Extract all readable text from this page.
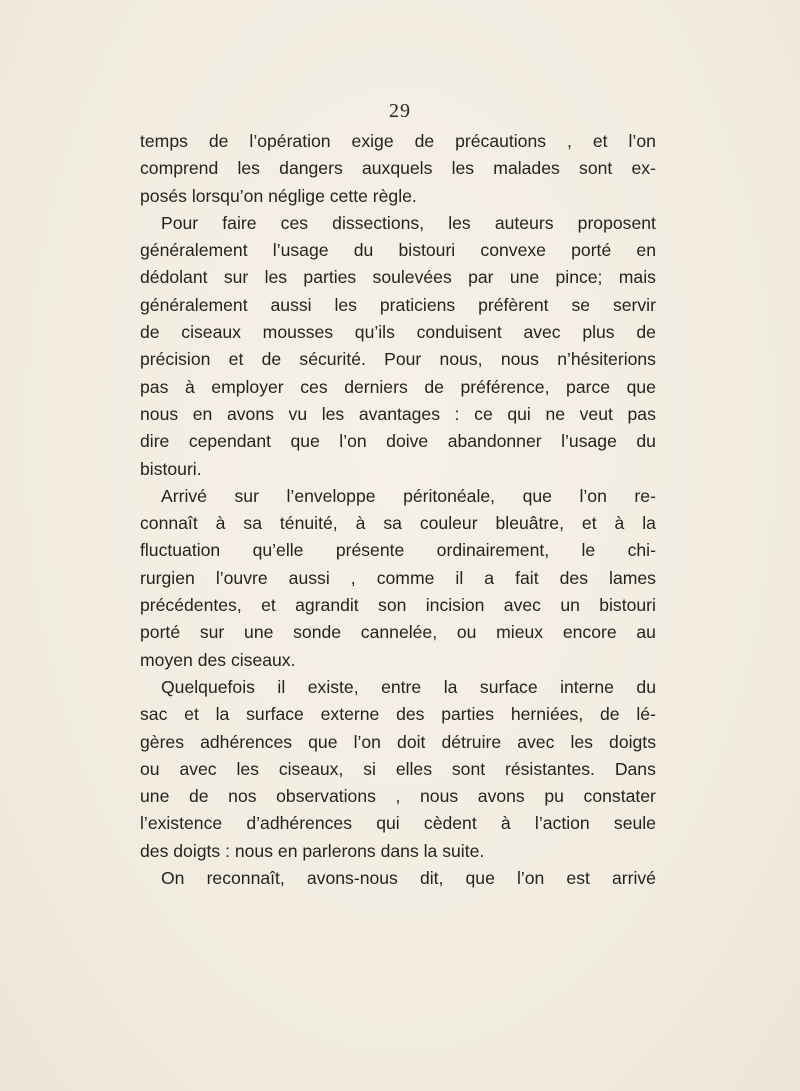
29
temps de l’opération exige de précautions , et l’on
comprend les dangers auxquels les malades sont ex-
posés lorsqu’on néglige cette règle.
Pour faire ces dissections, les auteurs proposent
généralement l’usage du bistouri convexe porté en
dédolant sur les parties soulevées par une pince; mais
généralement aussi les praticiens préfèrent se servir
de ciseaux mousses qu’ils conduisent avec plus de
précision et de sécurité. Pour nous, nous n’hésiterions
pas à employer ces derniers de préférence, parce que
nous en avons vu les avantages : ce qui ne veut pas
dire cependant que l’on doive abandonner l’usage du
bistouri.
Arrivé sur l’enveloppe péritonéale, que l’on re-
connaît à sa ténuité, à sa couleur bleuâtre, et à la
fluctuation qu’elle présente ordinairement, le chi-
rurgien l’ouvre aussi , comme il a fait des lames
précédentes, et agrandit son incision avec un bistouri
porté sur une sonde cannelée, ou mieux encore au
moyen des ciseaux.
Quelquefois il existe, entre la surface interne du
sac et la surface externe des parties herniées, de lé-
gères adhérences que l’on doit détruire avec les doigts
ou avec les ciseaux, si elles sont résistantes. Dans
une de nos observations , nous avons pu constater
l’existence d’adhérences qui cèdent à l’action seule
des doigts : nous en parlerons dans la suite.
On reconnaît, avons-nous dit, que l’on est arrivé
